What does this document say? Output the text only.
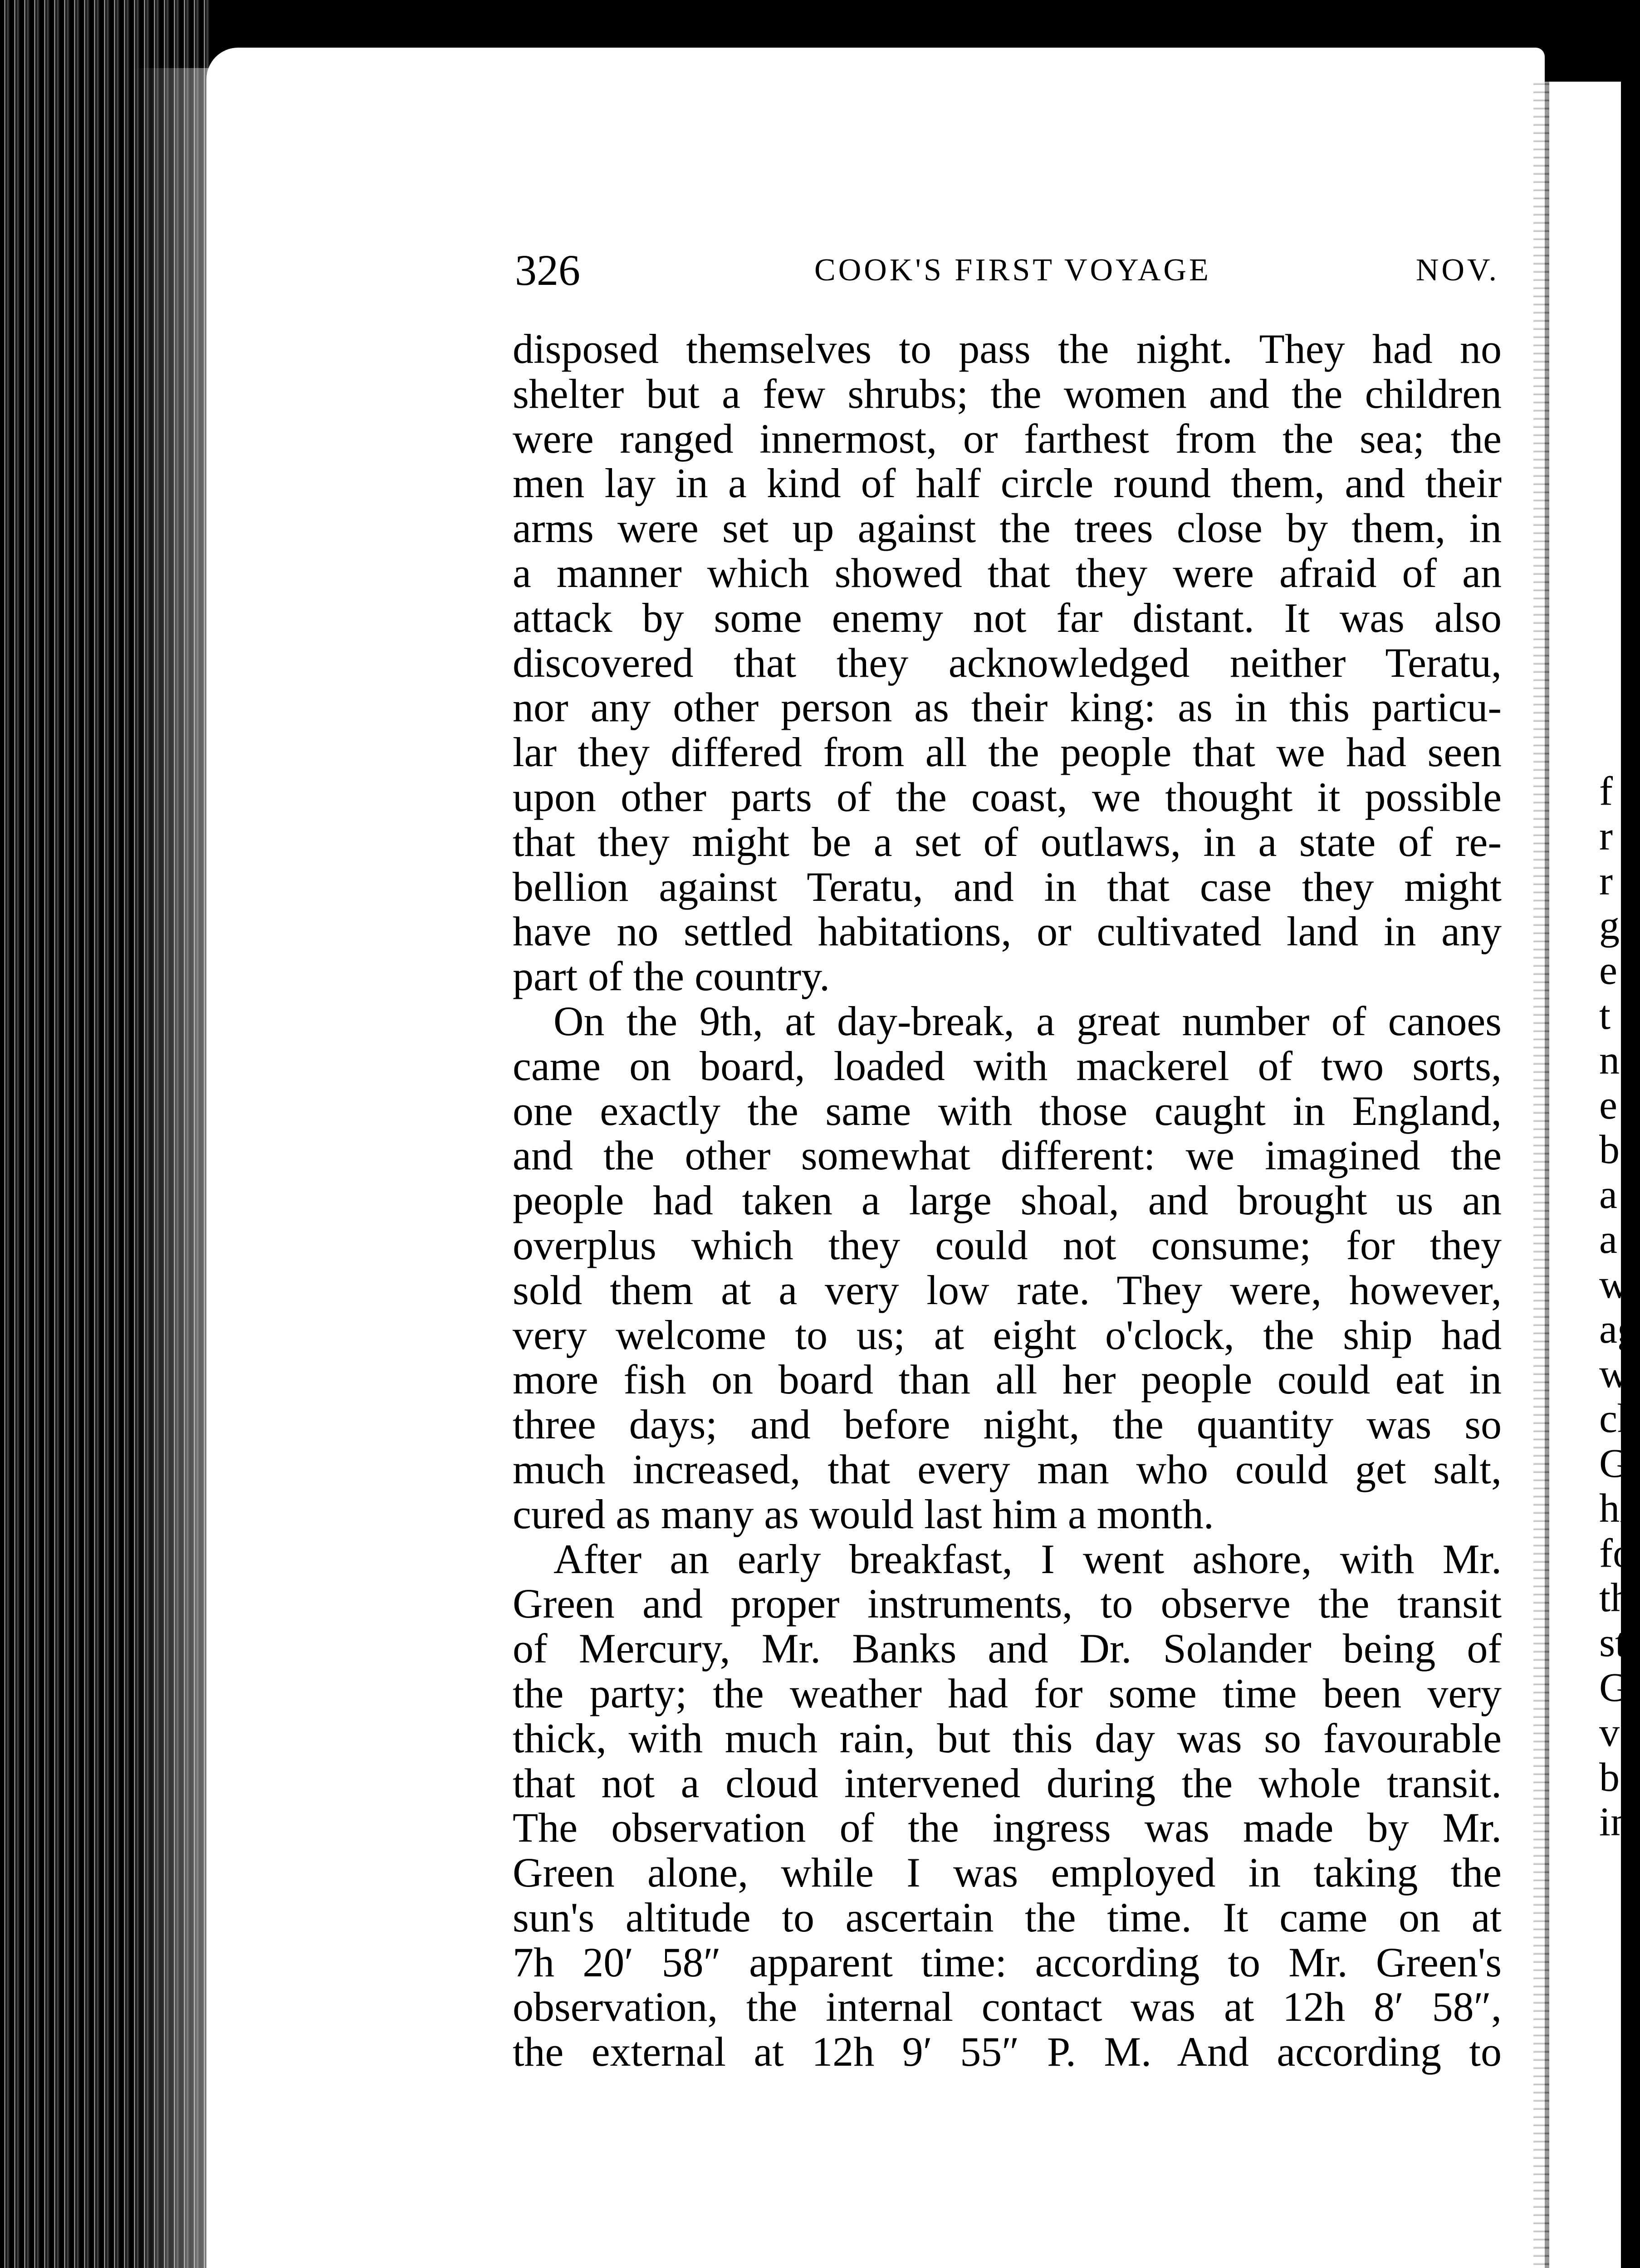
f
r
r
g
e
t
n
e
b
a
a
w
ag
w
ch
G
hi
fo
th
sti
G
vo
ba
in
326	COOK'S FIRST VOYAGE	NOV.
disposed themselves to pass the night. They had no
shelter but a few shrubs; the women and the children
were ranged innermost, or farthest from the sea; the
men lay in a kind of half circle round them, and their
arms were set up against the trees close by them, in
a manner which showed that they were afraid of an
attack by some enemy not far distant. It was also
discovered that they acknowledged neither Teratu,
nor any other person as their king: as in this particu-
lar they differed from all the people that we had seen
upon other parts of the coast, we thought it possible
that they might be a set of outlaws, in a state of re-
bellion against Teratu, and in that case they might
have no settled habitations, or cultivated land in any
part of the country.
On the 9th, at day-break, a great number of canoes
came on board, loaded with mackerel of two sorts,
one exactly the same with those caught in England,
and the other somewhat different: we imagined the
people had taken a large shoal, and brought us an
overplus which they could not consume; for they
sold them at a very low rate. They were, however,
very welcome to us; at eight o'clock, the ship had
more fish on board than all her people could eat in
three days; and before night, the quantity was so
much increased, that every man who could get salt,
cured as many as would last him a month.
After an early breakfast, I went ashore, with Mr.
Green and proper instruments, to observe the transit
of Mercury, Mr. Banks and Dr. Solander being of
the party; the weather had for some time been very
thick, with much rain, but this day was so favourable
that not a cloud intervened during the whole transit.
The observation of the ingress was made by Mr.
Green alone, while I was employed in taking the
sun's altitude to ascertain the time. It came on at
7h 20′ 58″ apparent time: according to Mr. Green's
observation, the internal contact was at 12h 8′ 58″,
the external at 12h 9′ 55″ P. M. And according to
